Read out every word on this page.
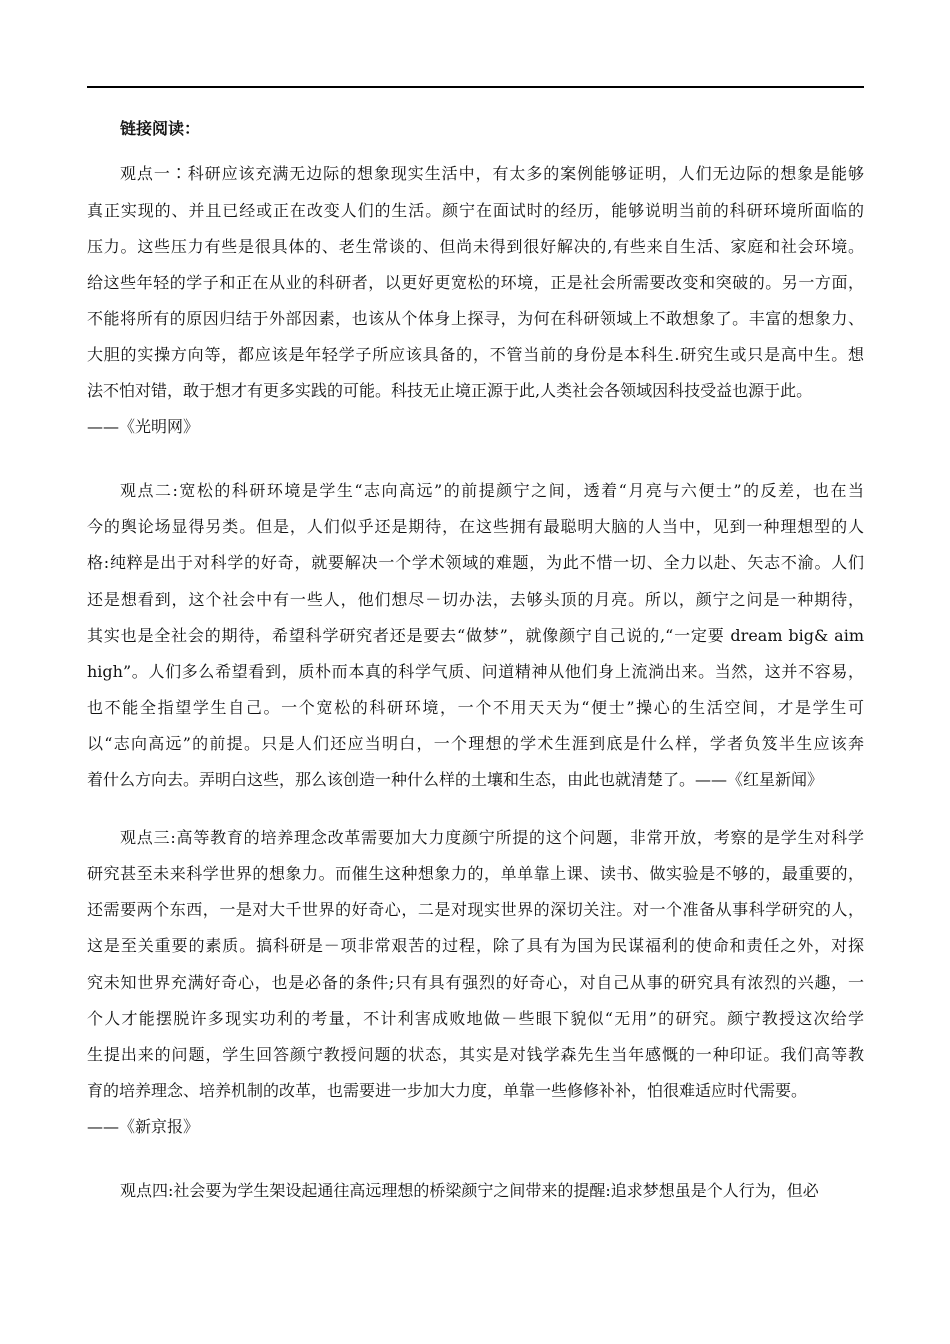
链接阅读：
观点一∶科研应该充满无边际的想象现实生活中，有太多的案例能够证明，人们无边际的想象是能够
真正实现的、并且已经或正在改变人们的生活。颜宁在面试时的经历，能够说明当前的科研环境所面临的
压力。这些压力有些是很具体的、老生常谈的、但尚未得到很好解决的,有些来自生活、家庭和社会环境。
给这些年轻的学子和正在从业的科研者，以更好更宽松的环境，正是社会所需要改变和突破的。另一方面，
不能将所有的原因归结于外部因素，也该从个体身上探寻，为何在科研领域上不敢想象了。丰富的想象力、
大胆的实操方向等，都应该是年轻学子所应该具备的，不管当前的身份是本科生.研究生或只是高中生。想
法不怕对错，敢于想才有更多实践的可能。科技无止境正源于此,人类社会各领域因科技受益也源于此。
——《光明网》
观点二:宽松的科研环境是学生“志向高远”的前提颜宁之间，透着“月亮与六便士”的反差，也在当
今的舆论场显得另类。但是，人们似乎还是期待，在这些拥有最聪明大脑的人当中，见到一种理想型的人
格:纯粹是出于对科学的好奇，就要解决一个学术领域的难题，为此不惜一切、全力以赴、矢志不渝。人们
还是想看到，这个社会中有一些人，他们想尽－切办法，去够头顶的月亮。所以，颜宁之问是一种期待，
其实也是全社会的期待，希望科学研究者还是要去“做梦”，就像颜宁自己说的,“一定要 dream big& aim
high”。人们多么希望看到，质朴而本真的科学气质、问道精神从他们身上流淌出来。当然，这并不容易，
也不能全指望学生自己。一个宽松的科研环境，一个不用天天为“便士”操心的生活空间，才是学生可
以“志向高远”的前提。只是人们还应当明白，一个理想的学术生涯到底是什么样，学者负笈半生应该奔
着什么方向去。弄明白这些，那么该创造一种什么样的土壤和生态，由此也就清楚了。——《红星新闻》
观点三:高等教育的培养理念改革需要加大力度颜宁所提的这个问题，非常开放，考察的是学生对科学
研究甚至未来科学世界的想象力。而催生这种想象力的，单单靠上课、读书、做实验是不够的，最重要的，
还需要两个东西，一是对大千世界的好奇心，二是对现实世界的深切关注。对一个准备从事科学研究的人，
这是至关重要的素质。搞科研是－项非常艰苦的过程，除了具有为国为民谋福利的使命和责任之外，对探
究未知世界充满好奇心，也是必备的条件;只有具有强烈的好奇心，对自己从事的研究具有浓烈的兴趣，一
个人才能摆脱许多现实功利的考量，不计利害成败地做－些眼下貌似“无用”的研究。颜宁教授这次给学
生提出来的问题，学生回答颜宁教授问题的状态，其实是对钱学森先生当年感慨的一种印证。我们高等教
育的培养理念、培养机制的改革，也需要进一步加大力度，单靠一些修修补补，怕很难适应时代需要。
——《新京报》
观点四:社会要为学生架设起通往高远理想的桥梁颜宁之间带来的提醒:追求梦想虽是个人行为，但必
